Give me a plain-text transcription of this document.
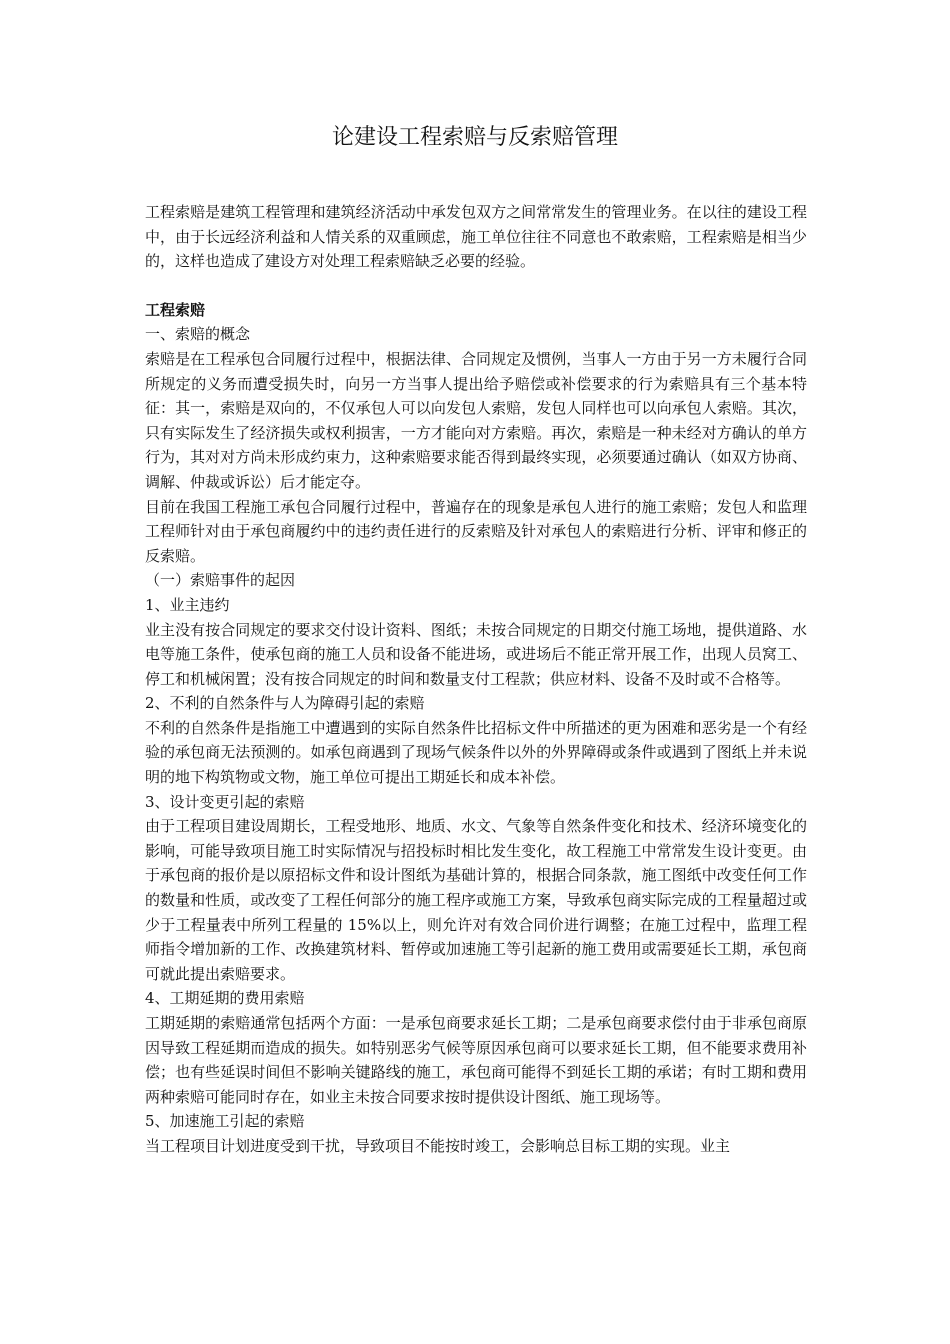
论建设工程索赔与反索赔管理

工程索赔是建筑工程管理和建筑经济活动中承发包双方之间常常发生的管理业务。在以往的建设工程中，由于长远经济利益和人情关系的双重顾虑，施工单位往往不同意也不敢索赔，工程索赔是相当少的，这样也造成了建设方对处理工程索赔缺乏必要的经验。

工程索赔

一、索赔的概念

索赔是在工程承包合同履行过程中，根据法律、合同规定及惯例，当事人一方由于另一方未履行合同所规定的义务而遭受损失时，向另一方当事人提出给予赔偿或补偿要求的行为索赔具有三个基本特征：其一，索赔是双向的，不仅承包人可以向发包人索赔，发包人同样也可以向承包人索赔。其次，只有实际发生了经济损失或权利损害，一方才能向对方索赔。再次，索赔是一种未经对方确认的单方行为，其对对方尚未形成约束力，这种索赔要求能否得到最终实现，必须要通过确认（如双方协商、调解、仲裁或诉讼）后才能定夺。

目前在我国工程施工承包合同履行过程中，普遍存在的现象是承包人进行的施工索赔；发包人和监理工程师针对由于承包商履约中的违约责任进行的反索赔及针对承包人的索赔进行分析、评审和修正的反索赔。

（一）索赔事件的起因

1、业主违约

业主没有按合同规定的要求交付设计资料、图纸；未按合同规定的日期交付施工场地，提供道路、水电等施工条件，使承包商的施工人员和设备不能进场，或进场后不能正常开展工作，出现人员窝工、停工和机械闲置；没有按合同规定的时间和数量支付工程款；供应材料、设备不及时或不合格等。

2、不利的自然条件与人为障碍引起的索赔

不利的自然条件是指施工中遭遇到的实际自然条件比招标文件中所描述的更为困难和恶劣是一个有经验的承包商无法预测的。如承包商遇到了现场气候条件以外的外界障碍或条件或遇到了图纸上并未说明的地下构筑物或文物，施工单位可提出工期延长和成本补偿。

3、设计变更引起的索赔

由于工程项目建设周期长，工程受地形、地质、水文、气象等自然条件变化和技术、经济环境变化的影响，可能导致项目施工时实际情况与招投标时相比发生变化，故工程施工中常常发生设计变更。由于承包商的报价是以原招标文件和设计图纸为基础计算的，根据合同条款，施工图纸中改变任何工作的数量和性质，或改变了工程任何部分的施工程序或施工方案，导致承包商实际完成的工程量超过或少于工程量表中所列工程量的 15%以上，则允许对有效合同价进行调整；在施工过程中，监理工程师指令增加新的工作、改换建筑材料、暂停或加速施工等引起新的施工费用或需要延长工期，承包商可就此提出索赔要求。

4、工期延期的费用索赔

工期延期的索赔通常包括两个方面：一是承包商要求延长工期；二是承包商要求偿付由于非承包商原因导致工程延期而造成的损失。如特别恶劣气候等原因承包商可以要求延长工期，但不能要求费用补偿；也有些延误时间但不影响关键路线的施工，承包商可能得不到延长工期的承诺；有时工期和费用两种索赔可能同时存在，如业主未按合同要求按时提供设计图纸、施工现场等。

5、加速施工引起的索赔

当工程项目计划进度受到干扰，导致项目不能按时竣工，会影响总目标工期的实现。业主
